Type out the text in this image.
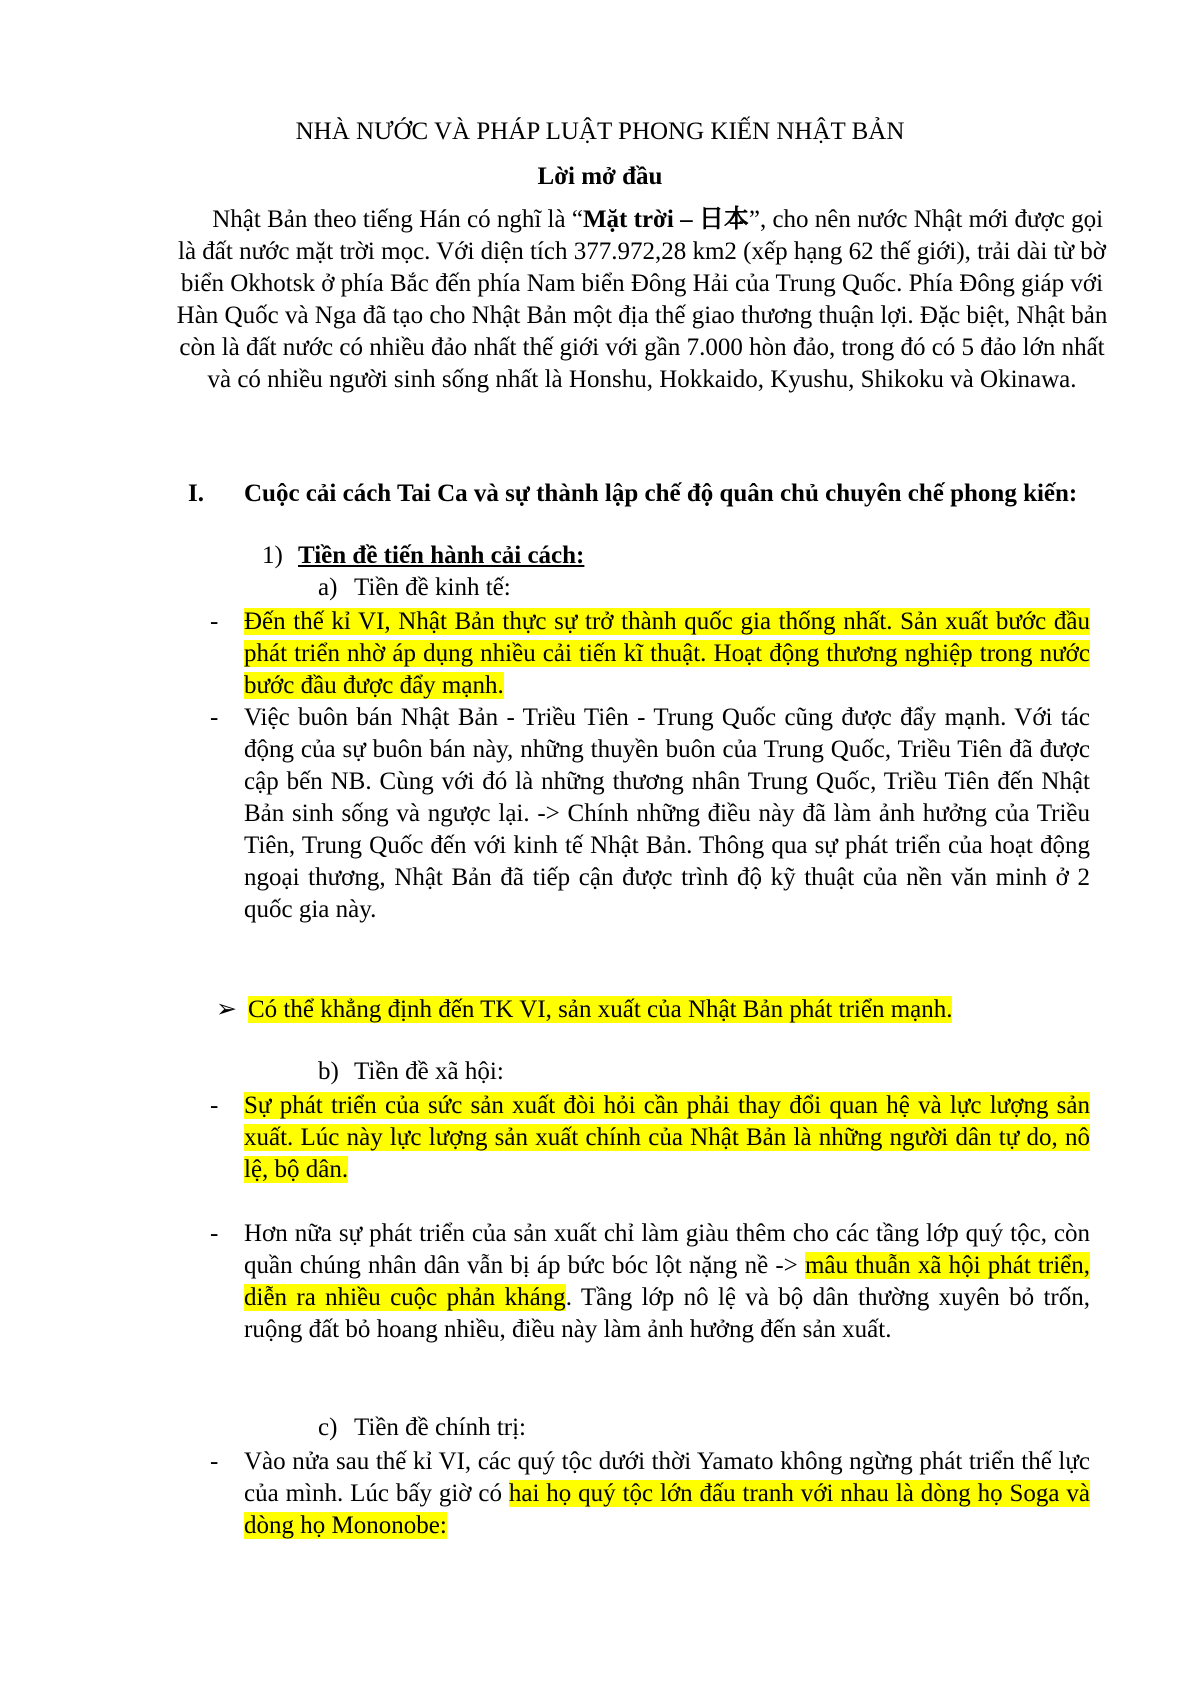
NHÀ NƯỚC VÀ PHÁP LUẬT PHONG KIẾN NHẬT BẢN
Lời mở đầu

Nhật Bản theo tiếng Hán có nghĩ là “Mặt trời – 日本”, cho nên nước Nhật mới được gọi là đất nước mặt trời mọc. Với diện tích 377.972,28 km2 (xếp hạng 62 thế giới), trải dài từ bờ biển Okhotsk ở phía Bắc đến phía Nam biển Đông Hải của Trung Quốc. Phía Đông giáp với Hàn Quốc và Nga đã tạo cho Nhật Bản một địa thế giao thương thuận lợi. Đặc biệt, Nhật bản còn là đất nước có nhiều đảo nhất thế giới với gần 7.000 hòn đảo, trong đó có 5 đảo lớn nhất và có nhiều người sinh sống nhất là Honshu, Hokkaido, Kyushu, Shikoku và Okinawa.

I. Cuộc cải cách Tai Ca và sự thành lập chế độ quân chủ chuyên chế phong kiến:
1) Tiền đề tiến hành cải cách:
a) Tiền đề kinh tế:
-	Đến thế kỉ VI, Nhật Bản thực sự trở thành quốc gia thống nhất. Sản xuất bước đầu phát triển nhờ áp dụng nhiều cải tiến kĩ thuật. Hoạt động thương nghiệp trong nước bước đầu được đẩy mạnh.
-	Việc buôn bán Nhật Bản - Triều Tiên - Trung Quốc cũng được đẩy mạnh. Với tác động của sự buôn bán này, những thuyền buôn của Trung Quốc, Triều Tiên đã được cập bến NB. Cùng với đó là những thương nhân Trung Quốc, Triều Tiên đến Nhật Bản sinh sống và ngược lại. -> Chính những điều này đã làm ảnh hưởng của Triều Tiên, Trung Quốc đến với kinh tế Nhật Bản. Thông qua sự phát triển của hoạt động ngoại thương, Nhật Bản đã tiếp cận được trình độ kỹ thuật của nền văn minh ở 2 quốc gia này.
➢ Có thể khẳng định đến TK VI, sản xuất của Nhật Bản phát triển mạnh.
b) Tiền đề xã hội:
-	Sự phát triển của sức sản xuất đòi hỏi cần phải thay đổi quan hệ và lực lượng sản xuất. Lúc này lực lượng sản xuất chính của Nhật Bản là những người dân tự do, nô lệ, bộ dân.
-	Hơn nữa sự phát triển của sản xuất chỉ làm giàu thêm cho các tầng lớp quý tộc, còn quần chúng nhân dân vẫn bị áp bức bóc lột nặng nề -> mâu thuẫn xã hội phát triển, diễn ra nhiều cuộc phản kháng. Tầng lớp nô lệ và bộ dân thường xuyên bỏ trốn, ruộng đất bỏ hoang nhiều, điều này làm ảnh hưởng đến sản xuất.
c) Tiền đề chính trị:
-	Vào nửa sau thế kỉ VI, các quý tộc dưới thời Yamato không ngừng phát triển thế lực của mình. Lúc bấy giờ có hai họ quý tộc lớn đấu tranh với nhau là dòng họ Soga và dòng họ Mononobe:
